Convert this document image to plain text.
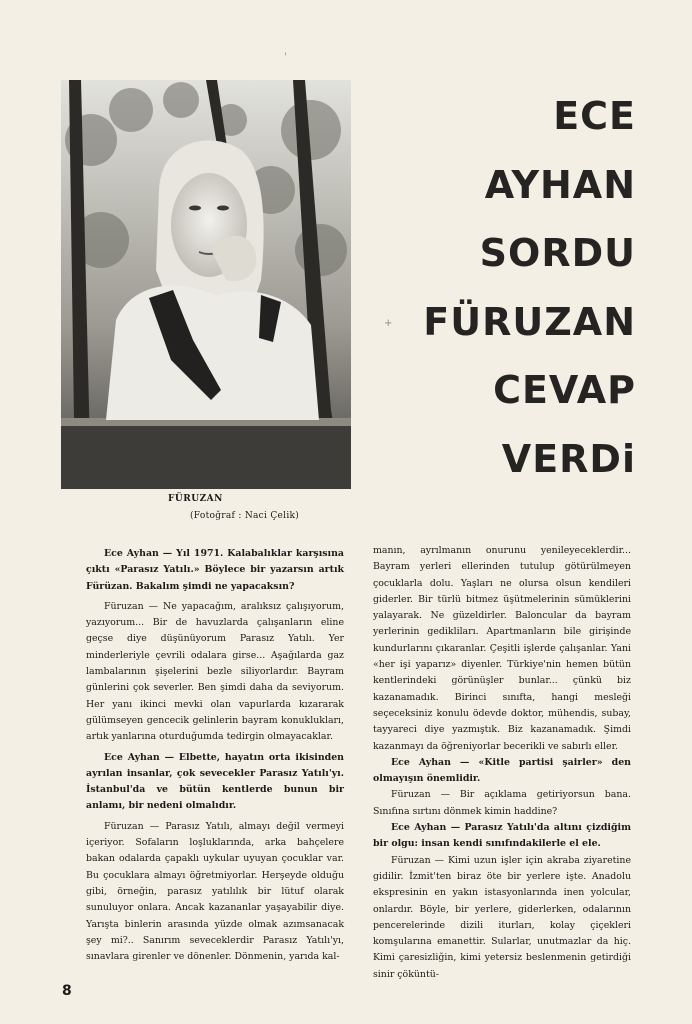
FÜRUZAN
(Fotoğraf : Naci Çelik)
ECE
AYHAN
SORDU
FÜRUZAN
CEVAP
VERDi
'
+

Ece Ayhan — Yıl 1971. Kalabalıklar karşısına çıktı «Parasız Yatılı.» Böylece bir yazarsın artık Fürüzan. Bakalım şimdi ne yapacaksın?

Füruzan — Ne yapacağım, aralıksız çalışıyorum, yazıyorum... Bir de havuzlarda çalışanların eline geçse diye düşünüyorum Parasız Yatılı. Yer minderleriyle çevrili odalara girse... Aşağılarda gaz lambalarının şişelerini bezle siliyorlardır. Bayram günlerini çok severler. Ben şimdi daha da seviyorum. Her yanı ikinci mevki olan vapurlarda kızararak gülümseyen gencecik gelinlerin bayram konuklukları, artık yanlarına oturduğumda tedirgin olmayacaklar.

Ece Ayhan — Elbette, hayatın orta ikisinden ayrılan insanlar, çok sevecekler Parasız Yatılı'yı. İstanbul'da ve bütün kentlerde bunun bir anlamı, bir nedeni olmalıdır.

Füruzan — Parasız Yatılı, almayı değil vermeyi içeriyor. Sofaların loşluklarında, arka bahçelere bakan odalarda çapaklı uykular uyuyan çocuklar var. Bu çocuklara almayı öğretmiyorlar. Herşeyde olduğu gibi, örneğin, parasız yatılılık bir lütuf olarak sunuluyor onlara. Ancak kazananlar yaşayabilir diye. Yarışta binlerin arasında yüzde olmak azımsanacak şey mi?.. Sanırım seveceklerdir Parasız Yatılı'yı, sınavlara girenler ve dönenler. Dönmenin, yarıda kal-

manın, ayrılmanın onurunu yenileyeceklerdir... Bayram yerleri ellerinden tutulup götürülmeyen çocuklarla dolu. Yaşları ne olursa olsun kendileri giderler. Bir türlü bitmez üşütmelerinin sümüklerini yalayarak. Ne güzeldirler. Baloncular da bayram yerlerinin gedikliları. Apartmanların bile girişinde kundurlarını çıkaranlar. Çeşitli işlerde çalışanlar. Yani «her işi yaparız» diyenler. Türkiye'nin hemen bütün kentlerindeki görünüşler bunlar... çünkü biz kazanamadık. Birinci sınıfta, hangi mesleği seçeceksiniz konulu ödevde doktor, mühendis, subay, tayyareci diye yazmıştık. Biz kazanamadık. Şimdi kazanmayı da öğreniyorlar becerikli ve sabırlı eller.

Ece Ayhan — «Kitle partisi şairler» den olmayışın önemlidir.

Füruzan — Bir açıklama getiriyorsun bana. Sınıfına sırtını dönmek kimin haddine?

Ece Ayhan — Parasız Yatılı'da altını çizdiğim bir olgu: insan kendi sınıfındakilerle el ele.

Füruzan — Kimi uzun işler için akraba ziyaretine gidilir. İzmit'ten biraz öte bir yerlere işte. Anadolu ekspresinin en yakın istasyonlarında inen yolcular, onlardır. Böyle, bir yerlere, giderlerken, odalarının pencerelerinde dizili iturları, kolay çiçekleri komşularına emanettir. Sularlar, unutmazlar da hiç. Kimi çaresizliğin, kimi yetersiz beslenmenin getirdiği sinir çöküntü-

8
